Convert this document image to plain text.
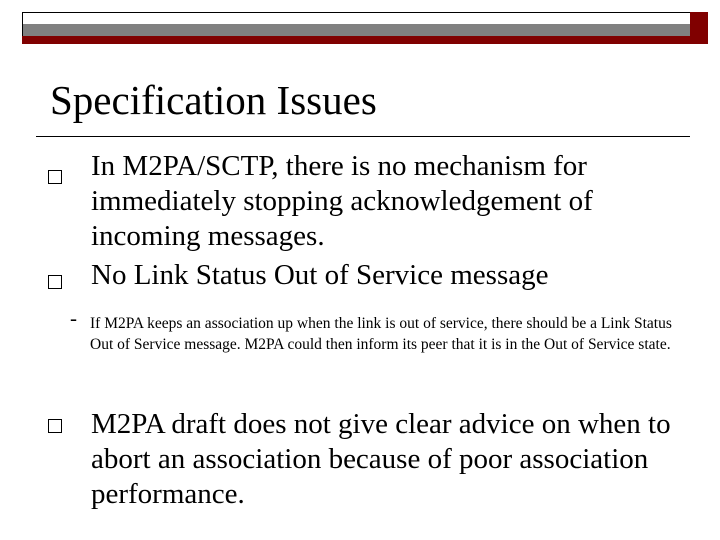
Specification Issues
In M2PA/SCTP, there is no mechanism for immediately stopping acknowledgement of incoming messages.
No Link Status Out of Service message
- If M2PA keeps an association up when the link is out of service, there should be a Link Status Out of Service message. M2PA could then inform its peer that it is in the Out of Service state.
M2PA draft does not give clear advice on when to abort an association because of poor association performance.
